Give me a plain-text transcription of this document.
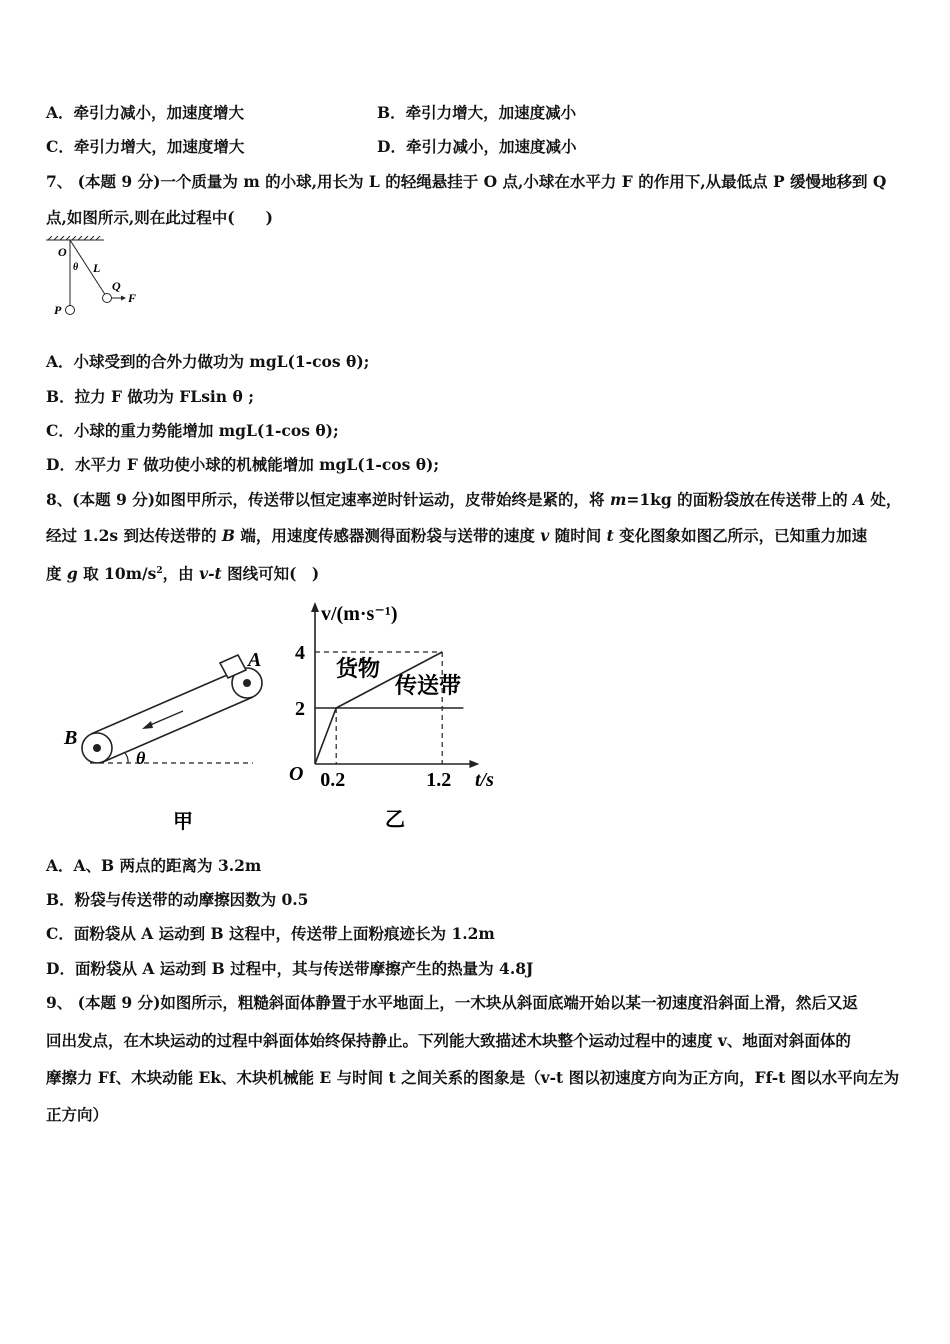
A．牵引力减小，加速度增大	B．牵引力增大，加速度减小
C．牵引力增大，加速度增大	D．牵引力减小，加速度减小
7、 (本题 9 分)一个质量为 m 的小球,用长为 L 的轻绳悬挂于 O 点,小球在水平力 F 的作用下,从最低点 P 缓慢地移到 Q
点,如图所示,则在此过程中(　　)
O
θ L
Q
F
P
A．小球受到的合外力做功为 mgL(1-cos θ);
B．拉力 F 做功为 FLsin θ ;
C．小球的重力势能增加 mgL(1-cos θ);
D．水平力 F 做功使小球的机械能增加 mgL(1-cos θ);
8、(本题 9 分)如图甲所示，传送带以恒定速率逆时针运动，皮带始终是紧的，将 m=1kg 的面粉袋放在传送带上的 A 处，
经过 1.2s 到达传送带的 B 端，用速度传感器测得面粉袋与送带的速度 v 随时间 t 变化图象如图乙所示，已知重力加速
度 g 取 $10m/s^2$，由 v-t 图线可知(　)
A
B
θ
甲
0.2	1.2
2
4
v/(m·s⁻¹)
O	t/s
货物
传送带
乙
A．A、B 两点的距离为 3.2m
B．粉袋与传送带的动摩擦因数为 0.5
C．面粉袋从 A 运动到 B 这程中，传送带上面粉痕迹长为 1.2m
D．面粉袋从 A 运动到 B 过程中，其与传送带摩擦产生的热量为 4.8J
9、 (本题 9 分)如图所示，粗糙斜面体静置于水平地面上，一木块从斜面底端开始以某一初速度沿斜面上滑，然后又返
回出发点，在木块运动的过程中斜面体始终保持静止。下列能大致描述木块整个运动过程中的速度 v、地面对斜面体的
摩擦力 Ff、木块动能 Ek、木块机械能 E 与时间 t 之间关系的图象是（v-t 图以初速度方向为正方向，Ff-t 图以水平向左为
正方向）
